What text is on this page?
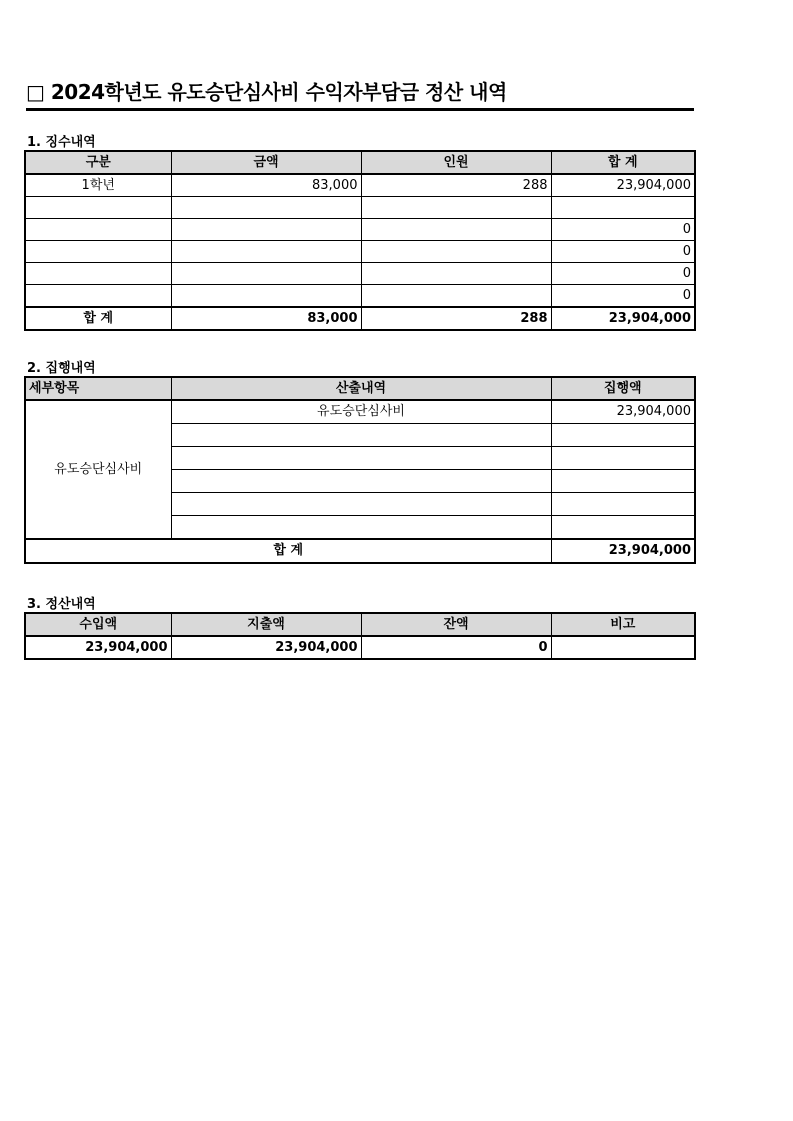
□ 2024학년도 유도승단심사비 수익자부담금 정산 내역
1. 징수내역
구분	금액	인원	합 계
1학년	83,000	288	23,904,000

			0
			0
			0
			0
합 계	83,000	288	23,904,000
2. 집행내역
세부항목	산출내역	집행액
유도승단심사비	유도승단심사비	23,904,000

합 계		23,904,000
3. 정산내역
수입액	지출액	잔액	비고
23,904,000	23,904,000	0	
